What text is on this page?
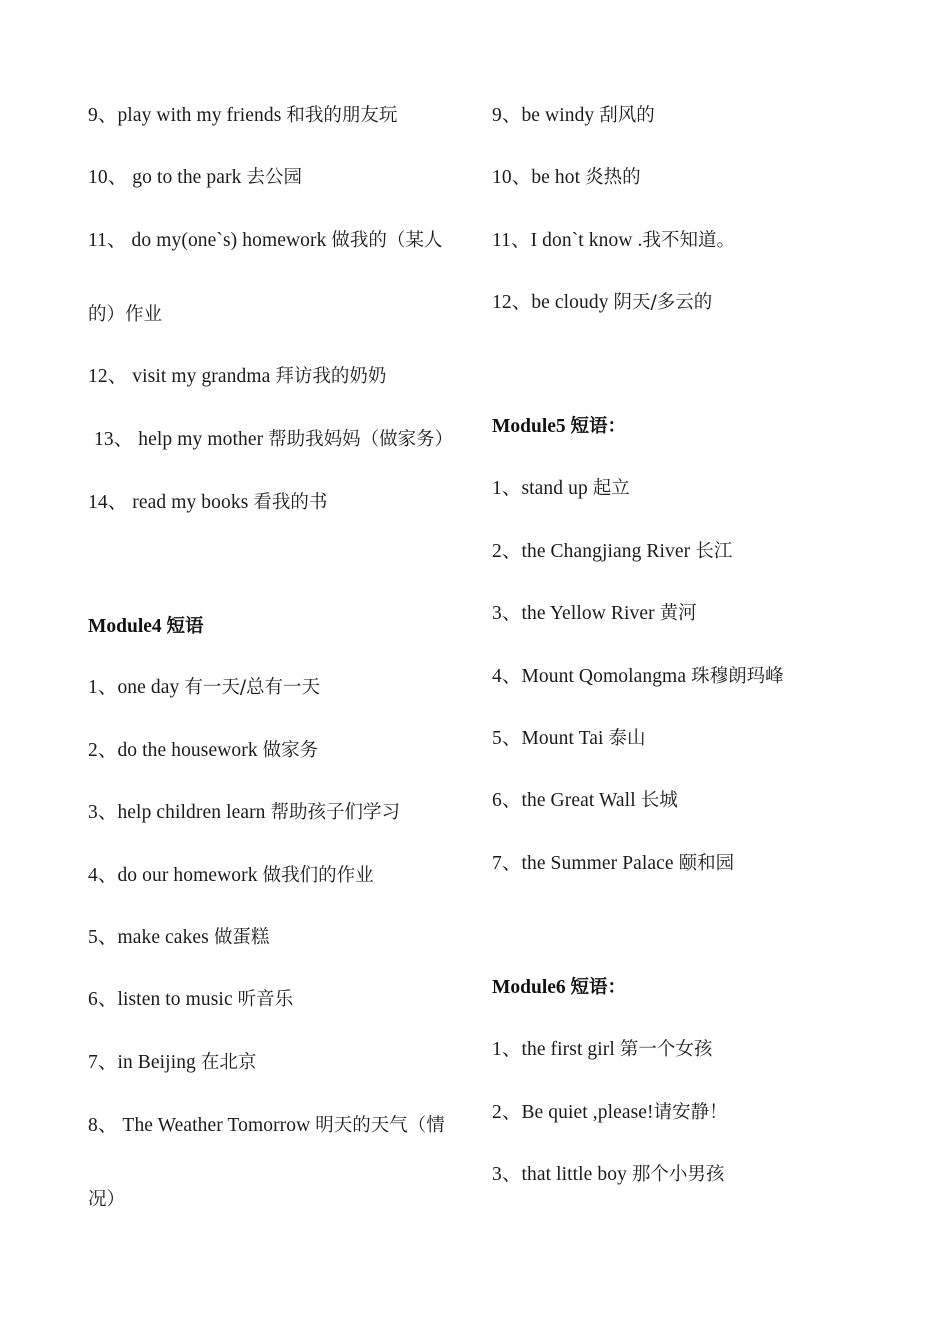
9、play with my friends 和我的朋友玩
10、 go to the park 去公园
11、 do my(one`s) homework 做我的（某人
的）作业
12、 visit my grandma 拜访我的奶奶
13、 help my mother 帮助我妈妈（做家务）
14、 read my books 看我的书
Module4 短语
1、one day 有一天/总有一天
2、do the housework 做家务
3、help children learn 帮助孩子们学习
4、do our homework 做我们的作业
5、make cakes 做蛋糕
6、listen to music 听音乐
7、in Beijing 在北京
8、 The Weather Tomorrow 明天的天气（情
况）
9、be windy 刮风的
10、be hot 炎热的
11、I don`t know .我不知道。
12、be cloudy 阴天/多云的
Module5 短语：
1、stand up 起立
2、the Changjiang River 长江
3、the Yellow River 黄河
4、Mount Qomolangma 珠穆朗玛峰
5、Mount Tai 泰山
6、the Great Wall 长城
7、the Summer Palace 颐和园
Module6 短语：
1、the first girl 第一个女孩
2、Be quiet ,please!请安静！
3、that little boy 那个小男孩
